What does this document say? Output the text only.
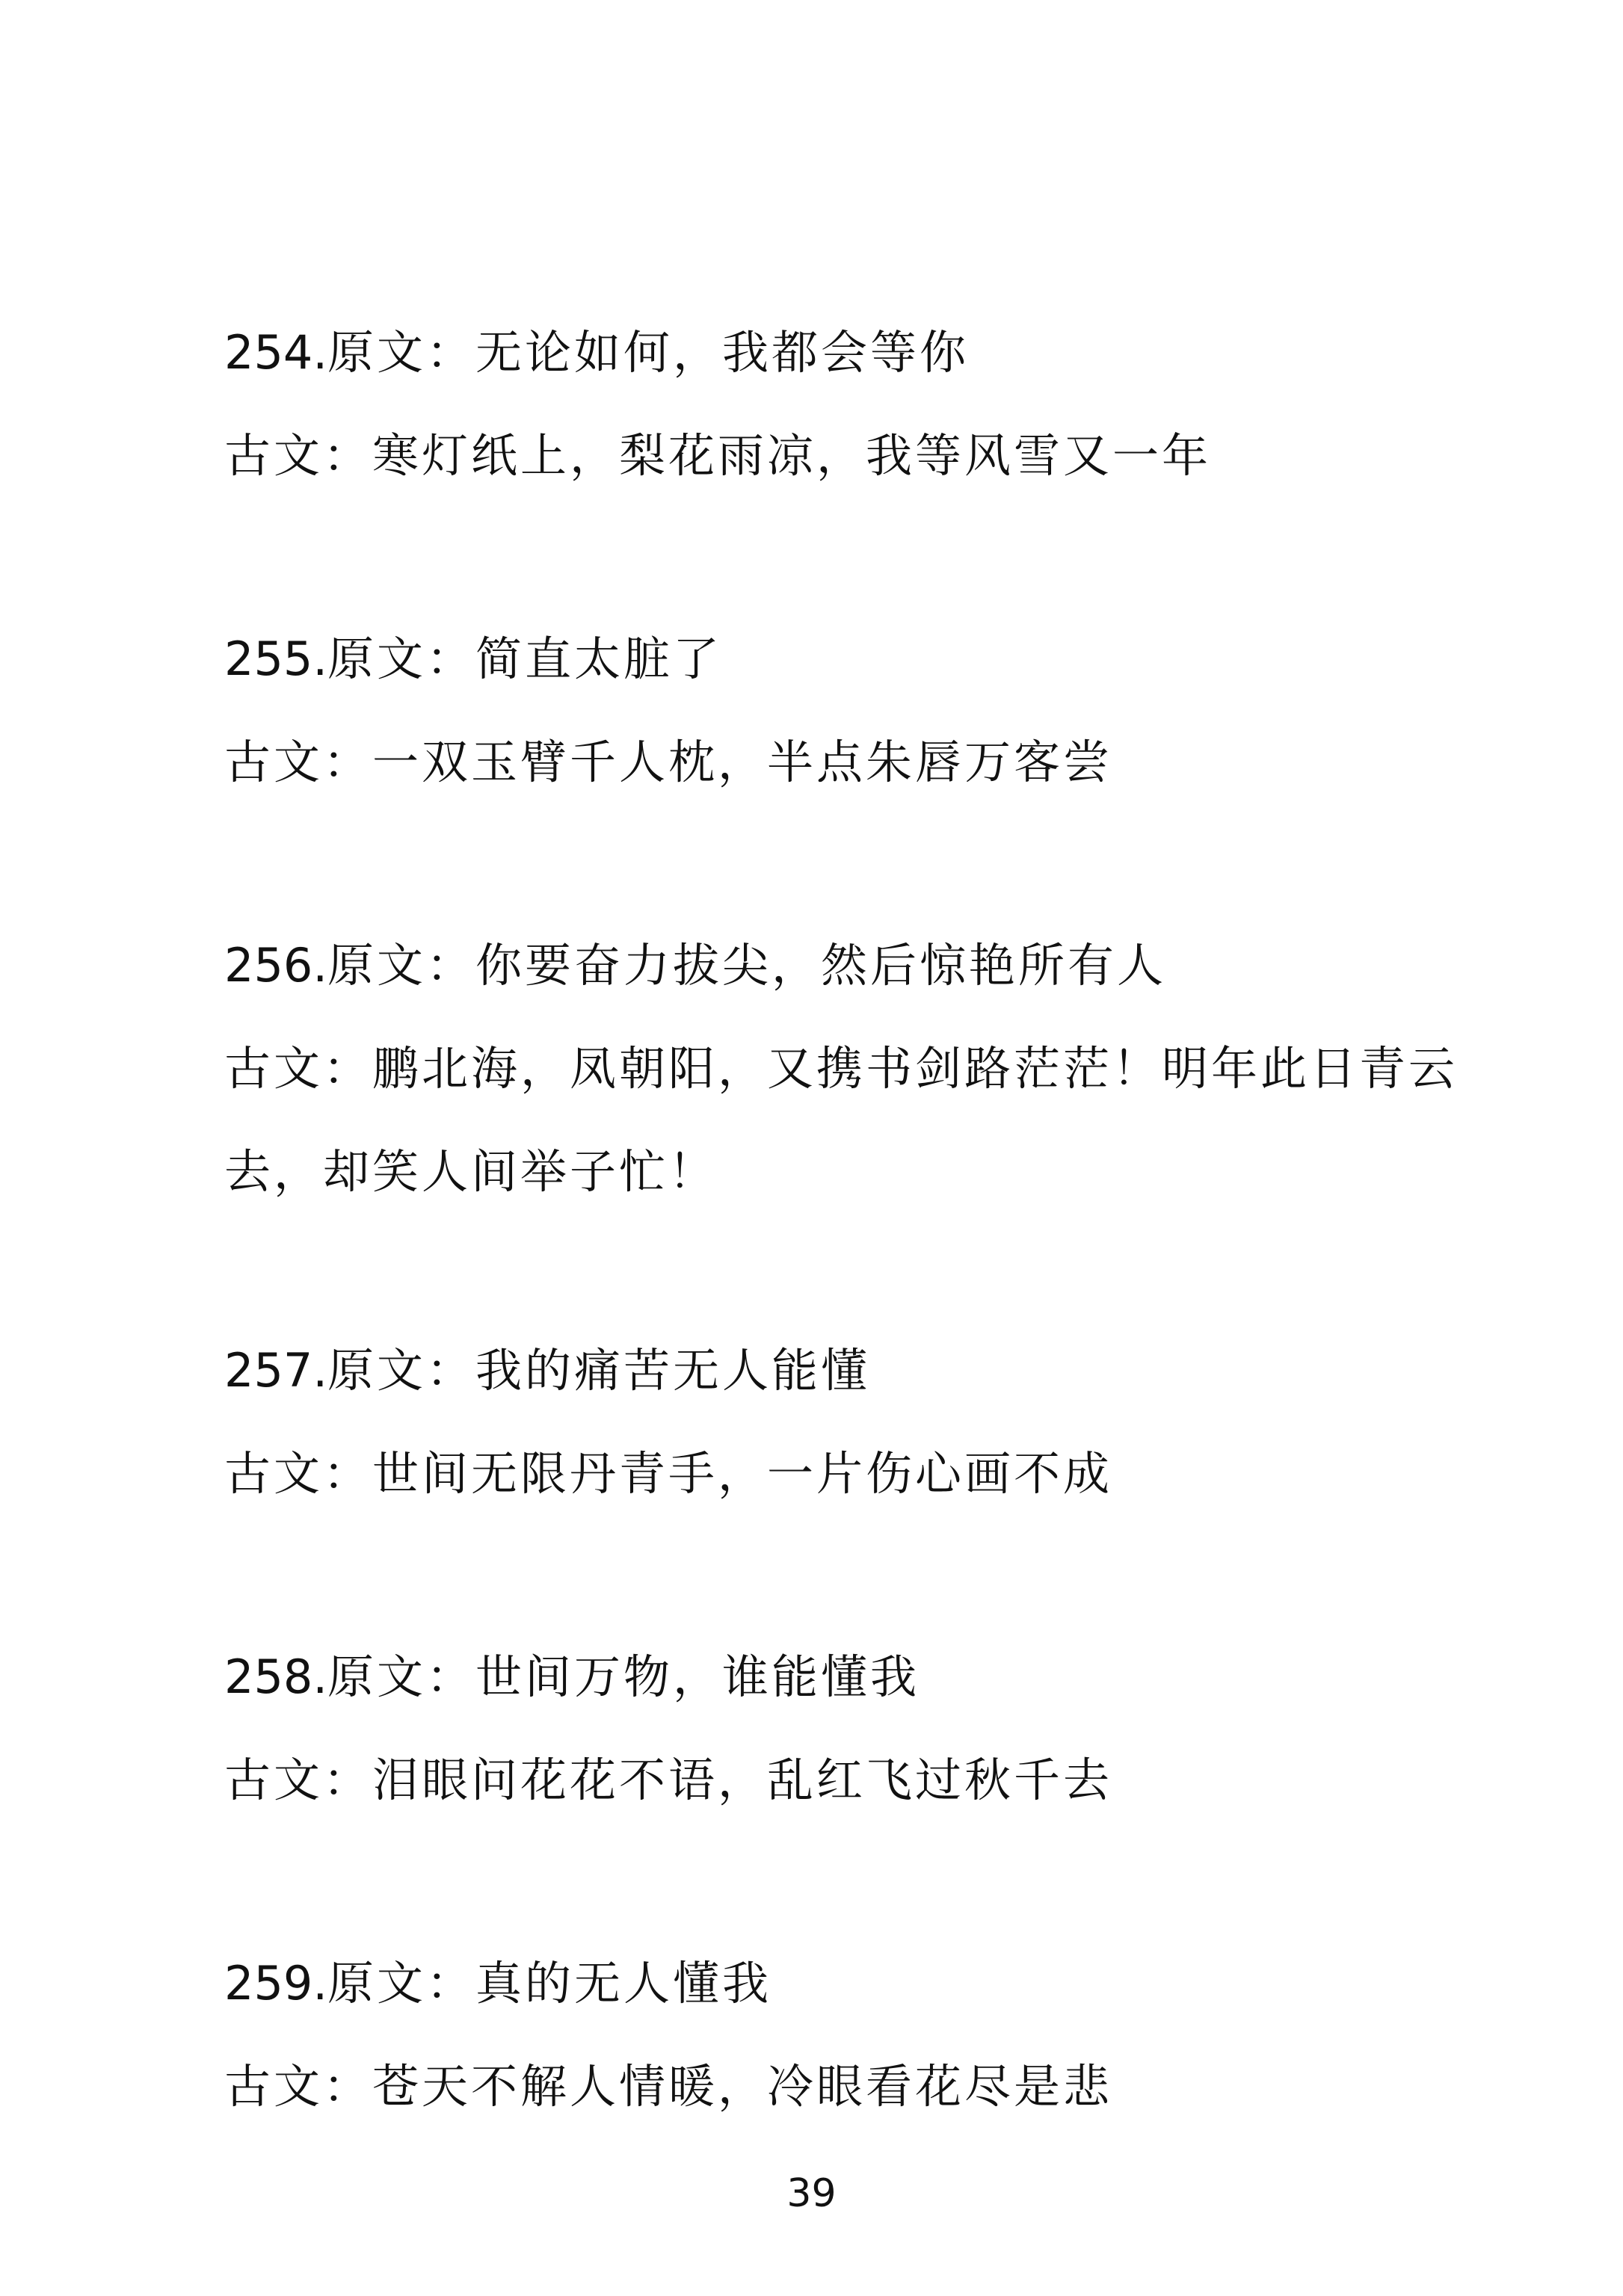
254.原文：无论如何，我都会等你
古文：寒灯纸上，梨花雨凉，我等风雪又一年
255.原文：简直太脏了
古文：一双玉臂千人枕，半点朱唇万客尝
256.原文：你要奋力拔尖，然后惊艳所有人
古文：鹏北海，凤朝阳，又携书剑路茫茫！明年此日青云
去，却笑人间举子忙！
257.原文：我的痛苦无人能懂
古文：世间无限丹青手，一片伤心画不成
258.原文：世间万物，谁能懂我
古文：泪眼问花花不语，乱红飞过秋千去
259.原文：真的无人懂我
古文：苍天不解人情暖，冷眼看花尽是悲
39
